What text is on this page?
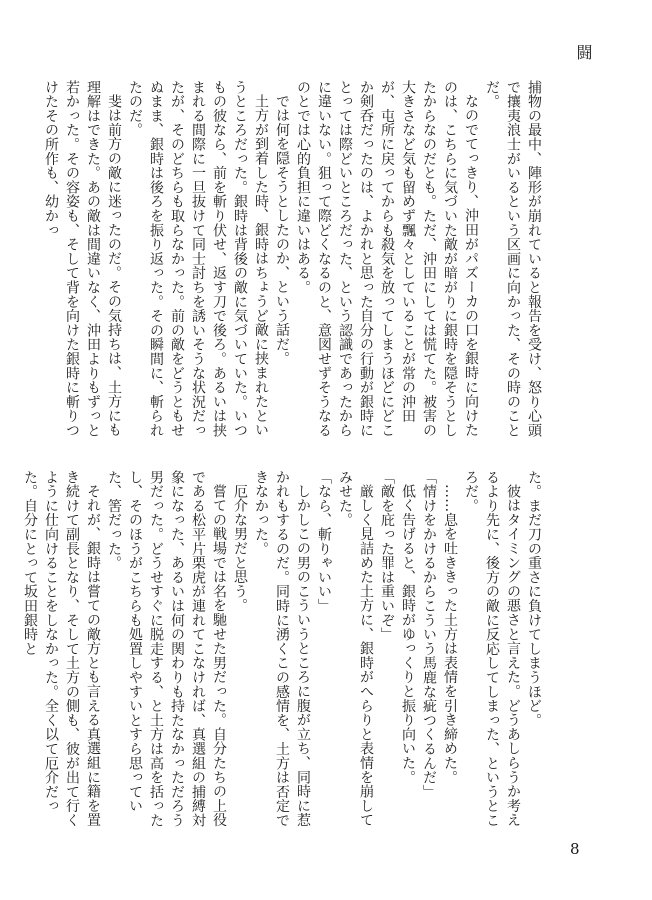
闘

捕物の最中、陣形が崩れていると報告を受け、怒り心頭で攘夷浪士がいるという区画に向かった、その時のことだ。

なのでてっきり、沖田がパズーカの口を銀時に向けたのは、こちらに気づいた敵が暗がりに銀時を隠そうとしたからなのだとも。ただ、沖田にしては慌てた。被害の大きさなど気も留めず飄々としていることが常の沖田が、屯所に戻ってからも殺気を放ってしまうほどにどこか剣呑だったのは、よかれと思った自分の行動が銀時にとっては際どいところだった、という認識であったからに違いない。狙って際どくなるのと、意図せずそうなるのとでは心的負担に違いはある。

では何を隠そうとしたのか、という話だ。

土方が到着した時、銀時はちょうど敵に挟まれたというところだった。銀時は背後の敵に気づいていた。いつもの彼なら、前を斬り伏せ、返す刀で後ろ。あるいは挟まれる間際に一旦抜けて同士討ちを誘いそうな状況だったが、そのどちらも取らなかった。前の敵をどうともせぬまま、銀時は後ろを振り返った。その瞬間に、斬られたのだ。

斐は前方の敵に迷ったのだ。その気持ちは、土方にも理解はできた。あの敵は間違いなく、沖田よりもずっと若かった。その容姿も、そして背を向けた銀時に斬りつけたその所作も、幼かっ

た。まだ刀の重さに負けてしまうほど。

彼はタイミングの悪さと言えた。どうあしらうか考えるより先に、後方の敵に反応してしまった、というところだ。

……息を吐ききった土方は表情を引き締めた。

「情けをかけるからこういう馬鹿な疵つくるんだ」

低く告げると、銀時がゆっくりと振り向いた。

「敵を庇った罪は重いぞ」

厳しく見詰めた土方に、銀時がへらりと表情を崩してみせた。

「なら、斬りゃいい」

しかしこの男のこういうところに腹が立ち、同時に惹かれもするのだ。同時に湧くこの感情を、土方は否定できなかった。

厄介な男だと思う。

嘗ての戦場では名を馳せた男だった。自分たちの上役である松平片栗虎が連れてこなければ、真選組の捕縛対象になった、あるいは何の関わりも持たなかっただろう男だった。どうせすぐに脱走する、と土方は高を括ったし、そのほうがこちらも処置しやすいとすら思っていた、筈だった。

それが、銀時は嘗ての敵方とも言える真選組に籍を置き続けて副長となり、そして土方の側も、彼が出て行くように仕向けることをしなかった。全く以て厄介だった。自分にとって坂田銀時と

8
